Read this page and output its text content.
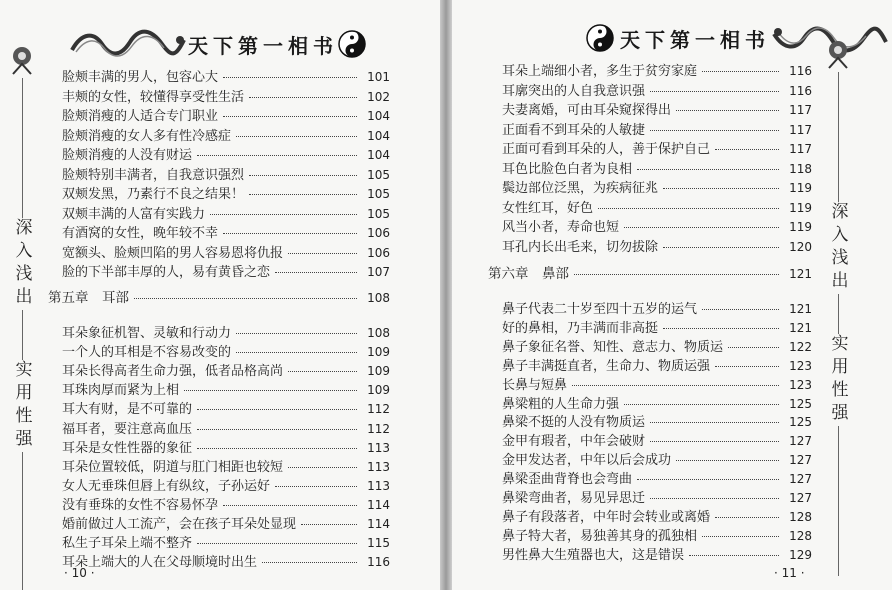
天下第一相书
深入浅出
实用性强
脸颊丰满的男人，包容心大	101
丰颊的女性，较懂得享受性生活	102
脸颊消瘦的人适合专门职业	104
脸颊消瘦的女人多有性冷感症	104
脸颊消瘦的人没有财运	104
脸颊特别丰满者，自我意识强烈	105
双颊发黑，乃素行不良之结果！	105
双颊丰满的人富有实践力	105
有酒窝的女性，晚年较不幸	106
宽额头、脸颊凹陷的男人容易恩将仇报	106
脸的下半部丰厚的人，易有黄昏之恋	107
第五章　耳部	108
耳朵象征机智、灵敏和行动力	108
一个人的耳相是不容易改变的	109
耳朵长得高者生命力强，低者品格高尚	109
耳珠肉厚而紧为上相	109
耳大有财，是不可靠的	112
福耳者，要注意高血压	112
耳朵是女性性器的象征	113
耳朵位置较低，阴道与肛门相距也较短	113
女人无垂珠但唇上有纵纹，子孙运好	113
没有垂珠的女性不容易怀孕	114
婚前做过人工流产，会在孩子耳朵处显现	114
私生子耳朵上端不整齐	115
耳朵上端大的人在父母顺境时出生	116
· 10 ·
天下第一相书
深入浅出
实用性强
耳朵上端细小者，多生于贫穷家庭	116
耳廓突出的人自我意识强	116
夫妻离婚，可由耳朵窥探得出	117
正面看不到耳朵的人敏捷	117
正面可看到耳朵的人，善于保护自己	117
耳色比脸色白者为良相	118
鬓边部位泛黑，为疾病征兆	119
女性红耳，好色	119
风当小者，寿命也短	119
耳孔内长出毛来，切勿拔除	120
第六章　鼻部	121
鼻子代表二十岁至四十五岁的运气	121
好的鼻相，乃丰满而非高挺	121
鼻子象征名誉、知性、意志力、物质运	122
鼻子丰满挺直者，生命力、物质运强	123
长鼻与短鼻	123
鼻梁粗的人生命力强	125
鼻梁不挺的人没有物质运	125
金甲有瑕者，中年会破财	127
金甲发达者，中年以后会成功	127
鼻梁歪曲背脊也会弯曲	127
鼻梁弯曲者，易见异思迁	127
鼻子有段落者，中年时会转业或离婚	128
鼻子特大者，易独善其身的孤独相	128
男性鼻大生殖器也大，这是错误	129
· 11 ·
